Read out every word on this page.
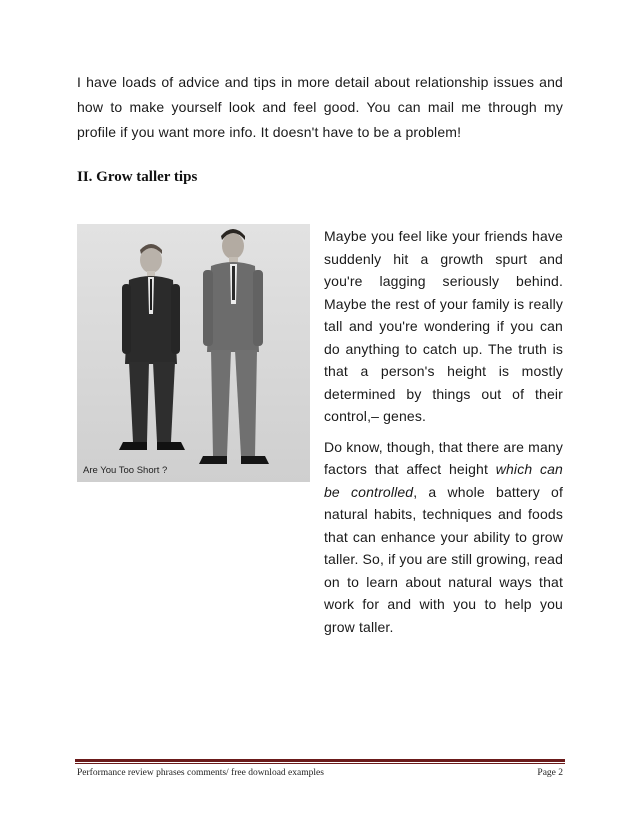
I have loads of advice and tips in more detail about relationship issues and how to make yourself look and feel good. You can mail me through my profile if you want more info. It doesn't have to be a problem!
II. Grow taller tips
Are You Too Short ?

Maybe you feel like your friends have suddenly hit a growth spurt and you're lagging seriously behind. Maybe the rest of your family is really tall and you're wondering if you can do anything to catch up. The truth is that a person's height is mostly determined by things out of their control,– genes.

Do know, though, that there are many factors that affect height which can be controlled, a whole battery of natural habits, techniques and foods that can enhance your ability to grow taller. So, if you are still growing, read on to learn about natural ways that work for and with you to help you grow taller.

Performance review phrases comments/ free download examples	Page 2
